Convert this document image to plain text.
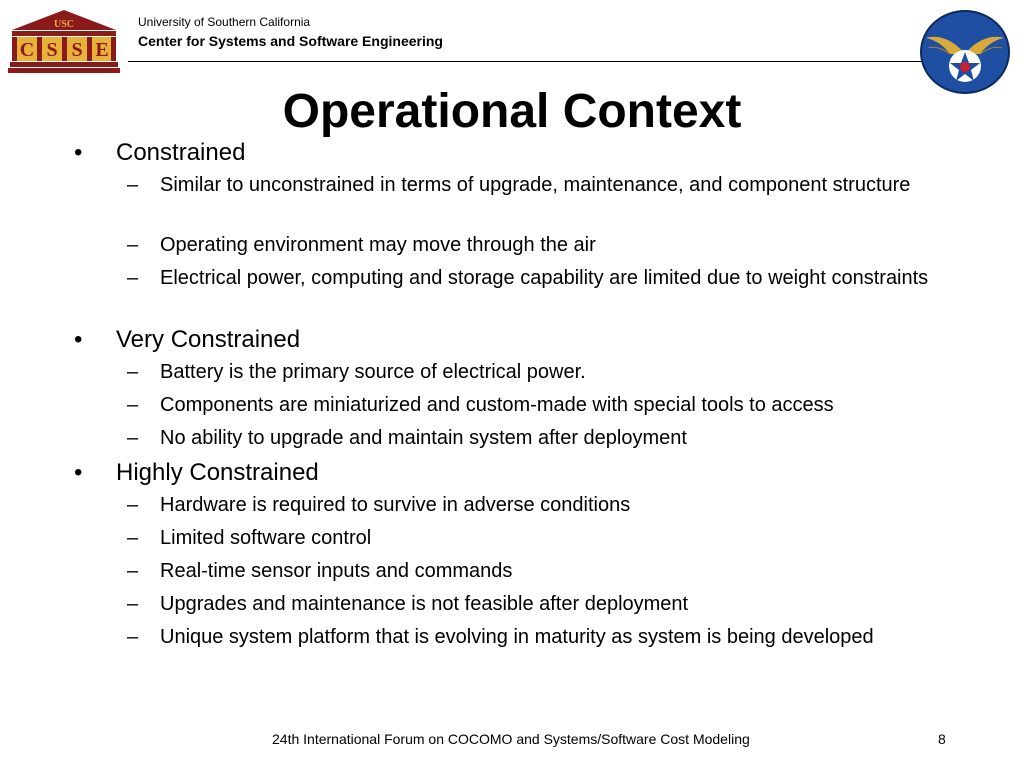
USC
C S S E
University of Southern California
Center for Systems and Software Engineering
Operational Context
• Constrained
– Similar to unconstrained in terms of upgrade, maintenance, and component structure
– Operating environment may move through the air
– Electrical power, computing and storage capability are limited due to weight constraints
• Very Constrained
– Battery is the primary source of electrical power.
– Components are miniaturized and custom-made with special tools to access
– No ability to upgrade and maintain system after deployment
• Highly Constrained
– Hardware is required to survive in adverse conditions
– Limited software control
– Real-time sensor inputs and commands
– Upgrades and maintenance is not feasible after deployment
– Unique system platform that is evolving in maturity as system is being developed
24th International Forum on COCOMO and Systems/Software Cost Modeling	8
